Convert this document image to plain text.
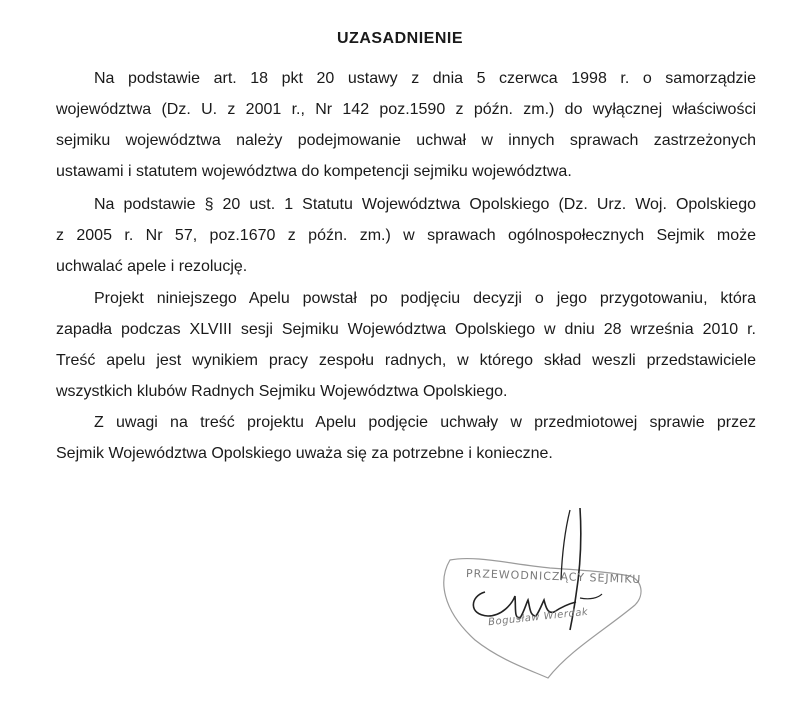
UZASADNIENIE
Na podstawie art. 18 pkt 20 ustawy z dnia 5 czerwca 1998 r. o samorządzie
województwa (Dz. U. z 2001 r., Nr 142 poz.1590 z późn. zm.) do wyłącznej właściwości
sejmiku województwa należy podejmowanie uchwał w innych sprawach zastrzeżonych
ustawami i statutem województwa do kompetencji sejmiku województwa.
Na podstawie § 20 ust. 1 Statutu Województwa Opolskiego (Dz. Urz. Woj. Opolskiego
z 2005 r. Nr 57, poz.1670 z późn. zm.) w sprawach ogólnospołecznych Sejmik może
uchwalać apele i rezolucję.
Projekt niniejszego Apelu powstał po podjęciu decyzji o jego przygotowaniu, która
zapadła podczas XLVIII sesji Sejmiku Województwa Opolskiego w dniu 28 września 2010 r.
Treść apelu jest wynikiem pracy zespołu radnych, w którego skład weszli przedstawiciele
wszystkich klubów Radnych Sejmiku Województwa Opolskiego.
Z uwagi na treść projektu Apelu podjęcie uchwały w przedmiotowej sprawie przez
Sejmik Województwa Opolskiego uważa się za potrzebne i konieczne.
PRZEWODNICZĄCY SEJMIKU
Bogusław Wierdak
